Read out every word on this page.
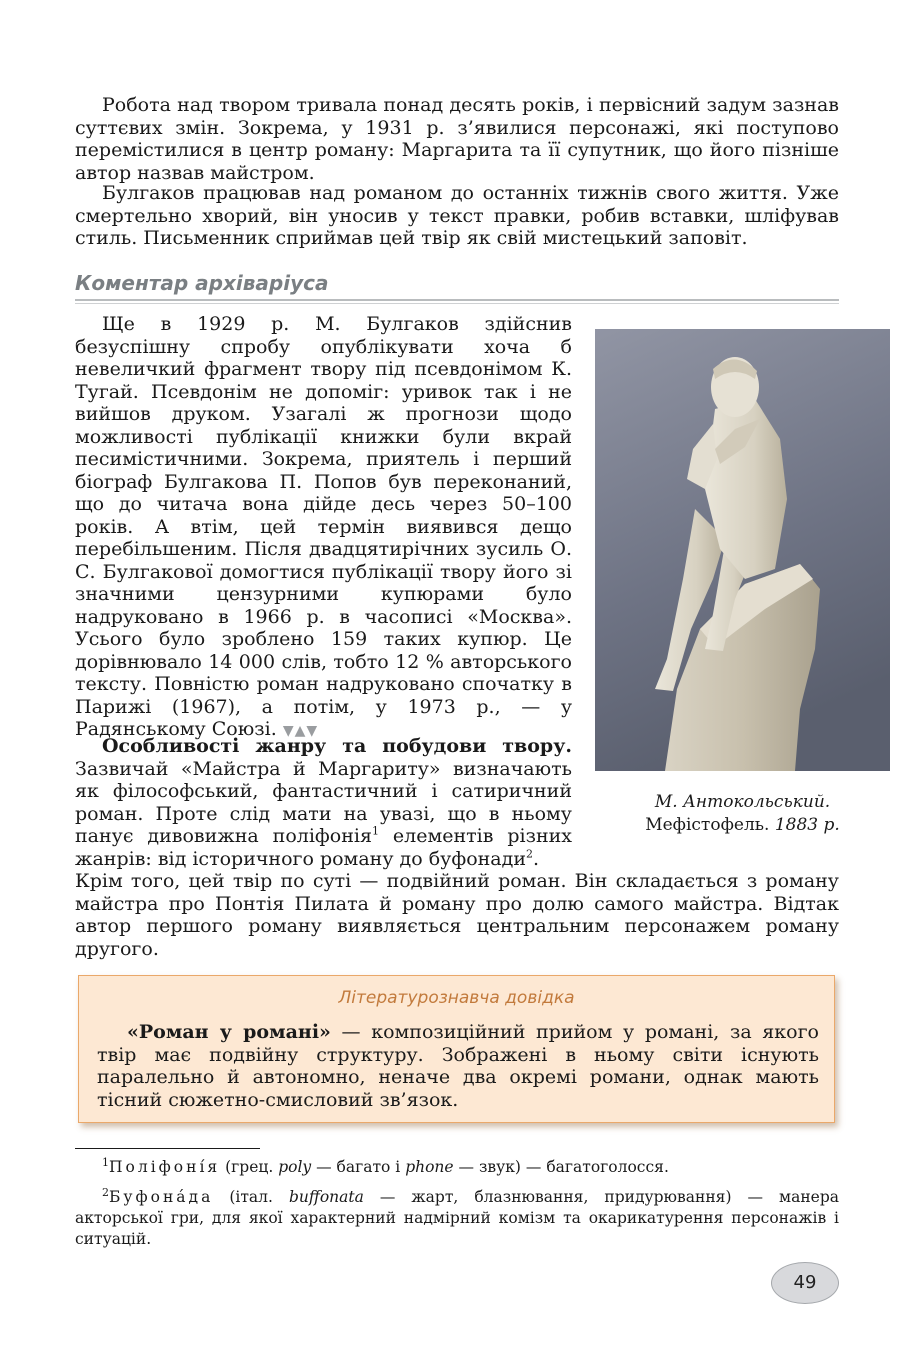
Робота над твором тривала понад десять років, і первісний задум зазнав суттєвих змін. Зокрема, у 1931 р. з’явилися персонажі, які поступово перемістилися в центр роману: Маргарита та її супутник, що його пізніше автор назвав майстром.

Булгаков працював над романом до останніх тижнів свого життя. Уже смертельно хворий, він уносив у текст правки, робив вставки, шліфував стиль. Письменник сприймав цей твір як свій мистецький заповіт.

Коментар архіваріуса

Ще в 1929 р. М. Булгаков здійснив безуспішну спробу опублікувати хоча б невеличкий фрагмент твору під псевдонімом К. Тугай. Псевдонім не допоміг: уривок так і не вийшов друком. Узагалі ж прогнози щодо можливості публікації книжки були вкрай песимістичними. Зокрема, приятель і перший біограф Булгакова П. Попов був переконаний, що до читача вона дійде десь через 50–100 років. А втім, цей термін виявився дещо перебільшеним. Після двадцятирічних зусиль О. С. Булгакової домогтися публікації твору його зі значними цензурними купюрами було надруковано в 1966 р. в часописі «Москва». Усього було зроблено 159 таких купюр. Це дорівнювало 14 000 слів, тобто 12 % авторського тексту. Повністю роман надруковано спочатку в Парижі (1967), а потім, у 1973 р., — у Радянському Союзі. ▼▲▼

Особливості жанру та побудови твору. Зазвичай «Майстра й Маргариту» визначають як філософський, фантастичний і сатиричний роман. Проте слід мати на увазі, що в ньому панує дивовижна поліфонія$^1$ елементів різних жанрів: від історичного роману до буфонади$^2$.

Крім того, цей твір по суті — подвійний роман. Він складається з роману майстра про Понтія Пилата й роману про долю самого майстра. Відтак автор першого роману виявляється центральним персонажем роману другого.

М. Антокольський.
Мефістофель. 1883 р.

Літературознавча довідка

«Роман у романі» — композиційний прийом у романі, за якого твір має подвійну структуру. Зображені в ньому світи існують паралельно й автономно, неначе два окремі романи, однак мають тісний сюжетно-смисловий зв’язок.

$^1$Поліфонíя (грец. poly — багато і phone — звук) — багатоголосся.

$^2$Буфонáда (італ. buffonata — жарт, блазнювання, придурювання) — манера акторської гри, для якої характерний надмірний комізм та окарикатурення персонажів і ситуацій.

49
